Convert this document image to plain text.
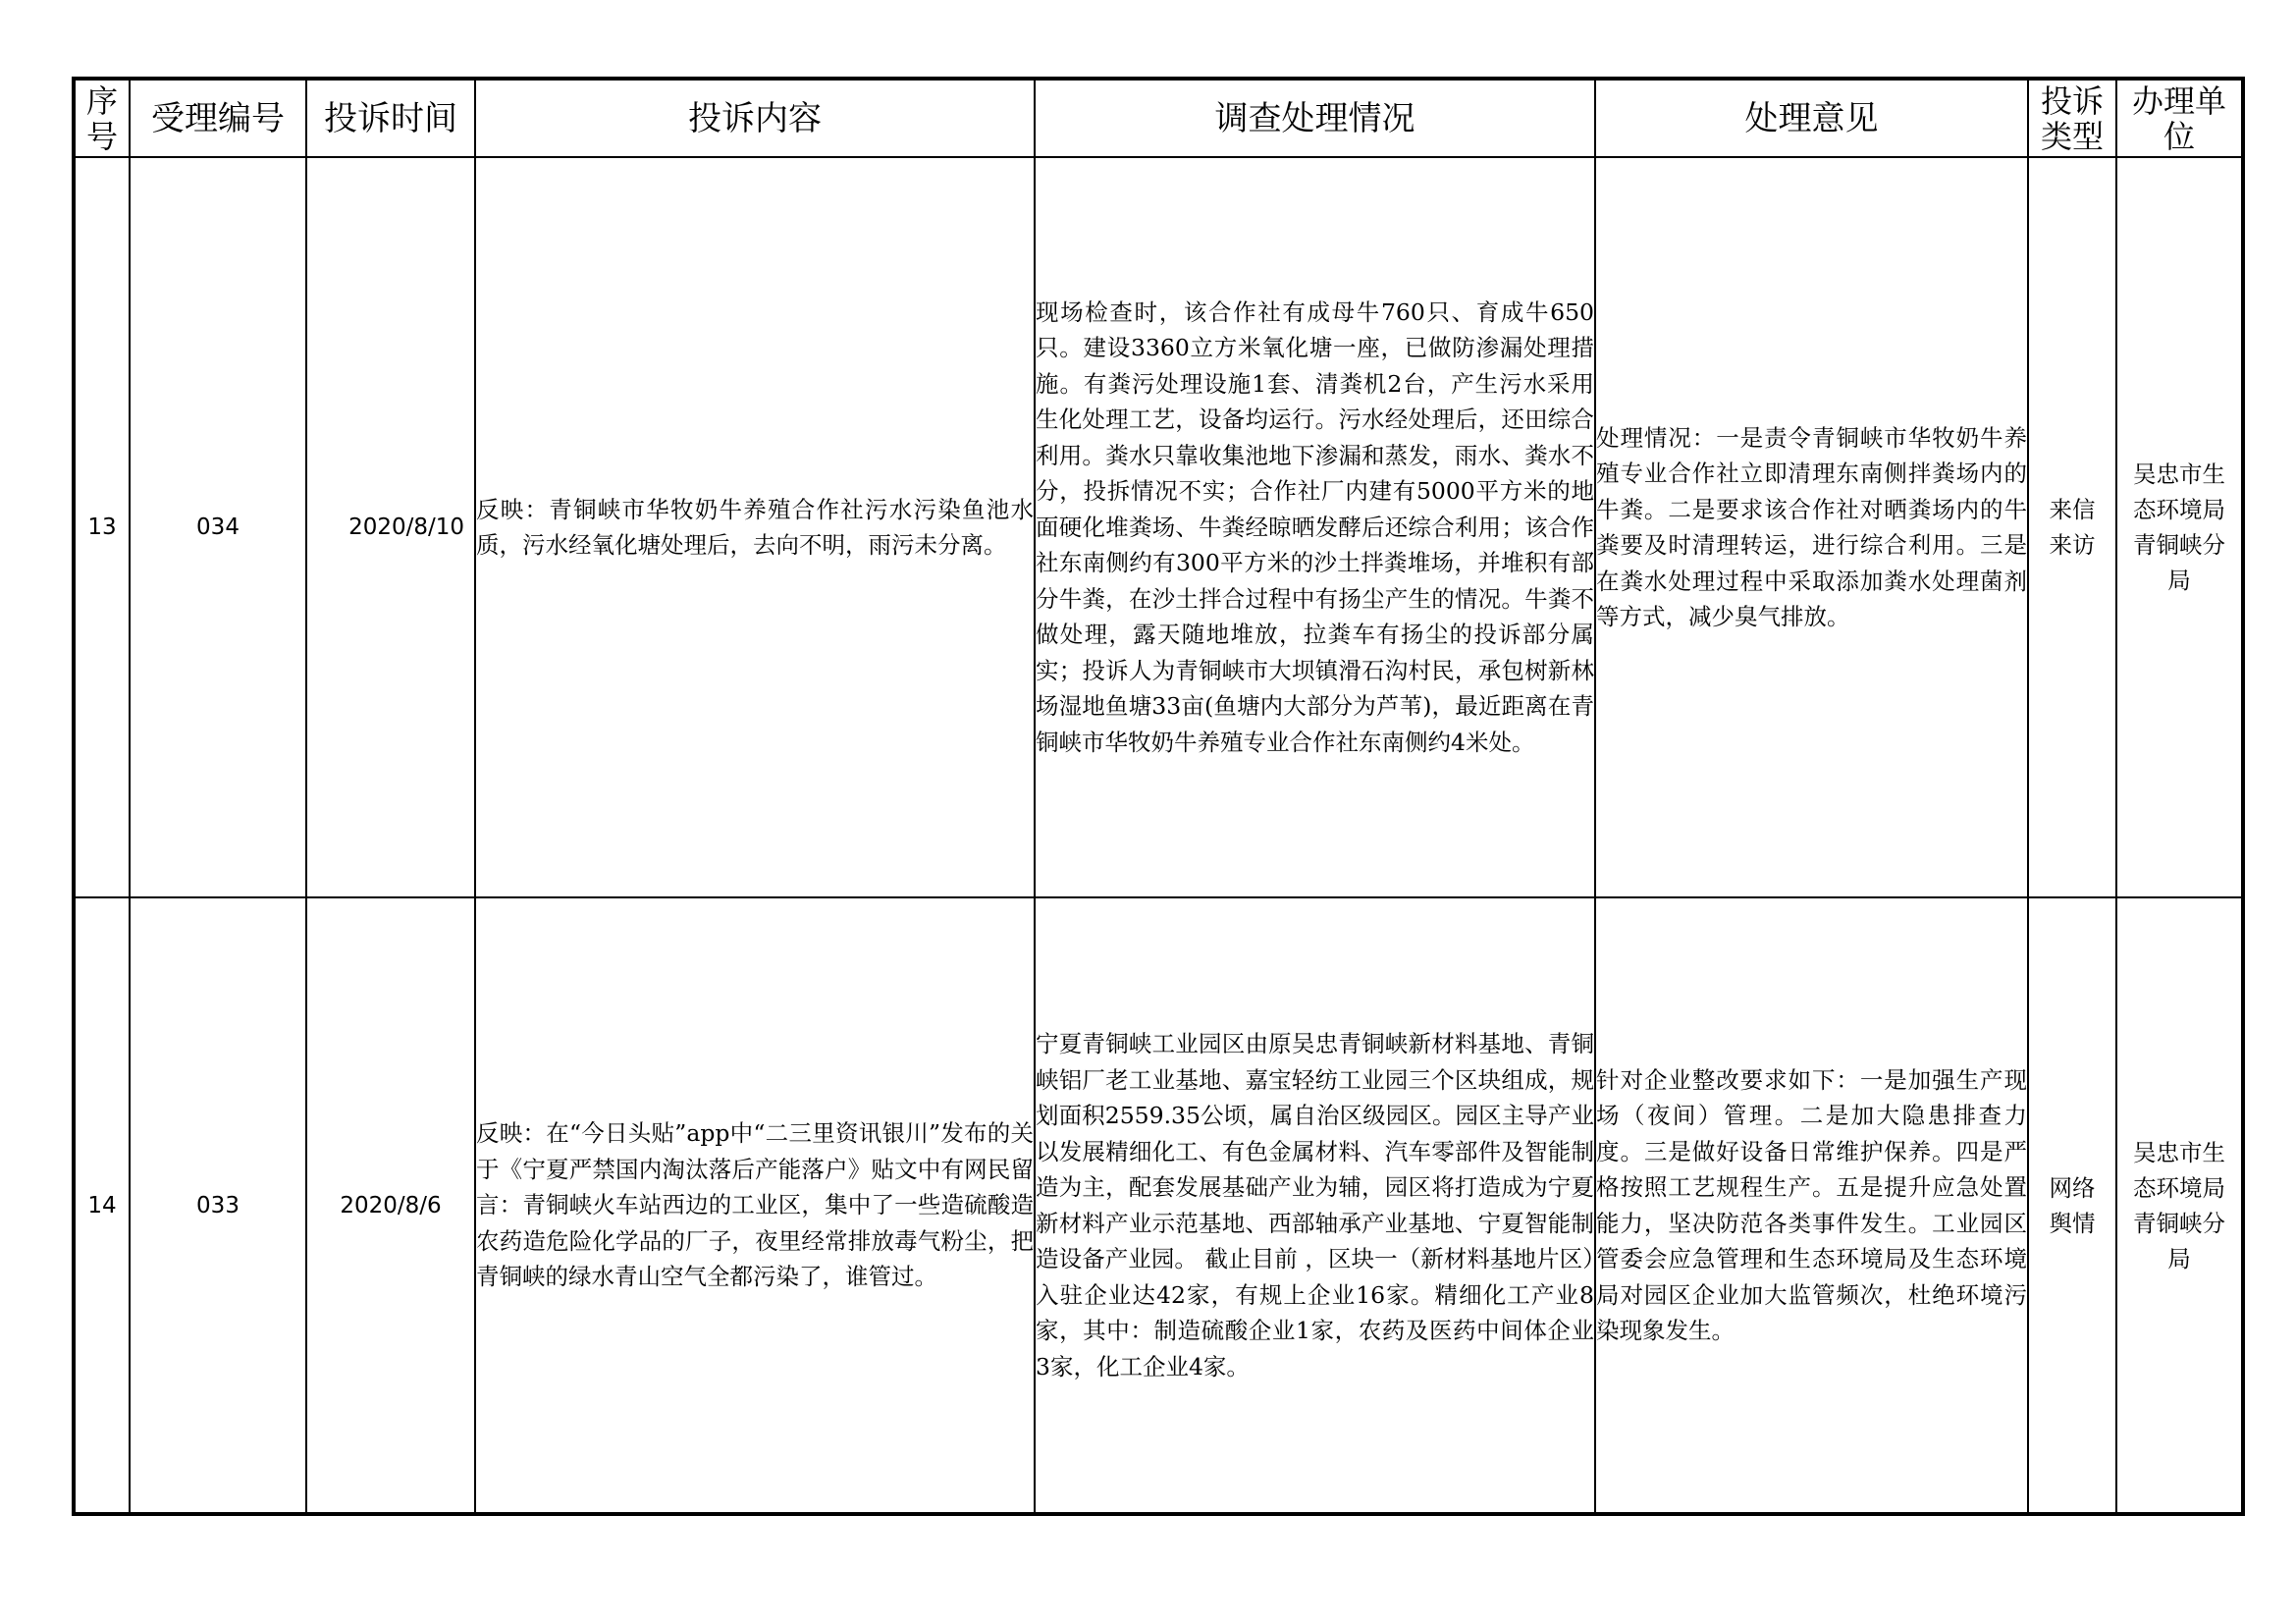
序号	受理编号	投诉时间	投诉内容	调查处理情况	处理意见	投诉类型	办理单位

13	034	2020/8/10	反映：青铜峡市华牧奶牛养殖合作社污水污染鱼池水质，污水经氧化塘处理后，去向不明，雨污未分离。	现场检查时，该合作社有成母牛760只、育成牛650只。建设3360立方米氧化塘一座，已做防渗漏处理措施。有粪污处理设施1套、清粪机2台，产生污水采用生化处理工艺，设备均运行。污水经处理后，还田综合利用。粪水只靠收集池地下渗漏和蒸发，雨水、粪水不分，投拆情况不实；合作社厂内建有5000平方米的地面硬化堆粪场、牛粪经晾晒发酵后还综合利用；该合作社东南侧约有300平方米的沙土拌粪堆场，并堆积有部分牛粪，在沙土拌合过程中有扬尘产生的情况。牛粪不做处理，露天随地堆放，拉粪车有扬尘的投诉部分属实；投诉人为青铜峡市大坝镇滑石沟村民，承包树新林场湿地鱼塘33亩(鱼塘内大部分为芦苇)，最近距离在青铜峡市华牧奶牛养殖专业合作社东南侧约4米处。	处理情况：一是责令青铜峡市华牧奶牛养殖专业合作社立即清理东南侧拌粪场内的牛粪。二是要求该合作社对晒粪场内的牛粪要及时清理转运，进行综合利用。三是在粪水处理过程中采取添加粪水处理菌剂等方式，减少臭气排放。	来信来访	吴忠市生态环境局青铜峡分局

14	033	2020/8/6	反映：在“今日头贴”app中“二三里资讯银川”发布的关于《宁夏严禁国内淘汰落后产能落户》贴文中有网民留言：青铜峡火车站西边的工业区，集中了一些造硫酸造农药造危险化学品的厂子，夜里经常排放毒气粉尘，把青铜峡的绿水青山空气全都污染了，谁管过。	宁夏青铜峡工业园区由原吴忠青铜峡新材料基地、青铜峡铝厂老工业基地、嘉宝轻纺工业园三个区块组成，规划面积2559.35公顷，属自治区级园区。园区主导产业以发展精细化工、有色金属材料、汽车零部件及智能制造为主，配套发展基础产业为辅，园区将打造成为宁夏新材料产业示范基地、西部轴承产业基地、宁夏智能制造设备产业园。 截止目前 ，区块一（新材料基地片区）入驻企业达42家，有规上企业16家。精细化工产业8家，其中：制造硫酸企业1家，农药及医药中间体企业3家，化工企业4家。	针对企业整改要求如下：一是加强生产现场（夜间）管理。二是加大隐患排查力度。三是做好设备日常维护保养。四是严格按照工艺规程生产。五是提升应急处置能力，坚决防范各类事件发生。工业园区管委会应急管理和生态环境局及生态环境局对园区企业加大监管频次，杜绝环境污染现象发生。	网络舆情	吴忠市生态环境局青铜峡分局
